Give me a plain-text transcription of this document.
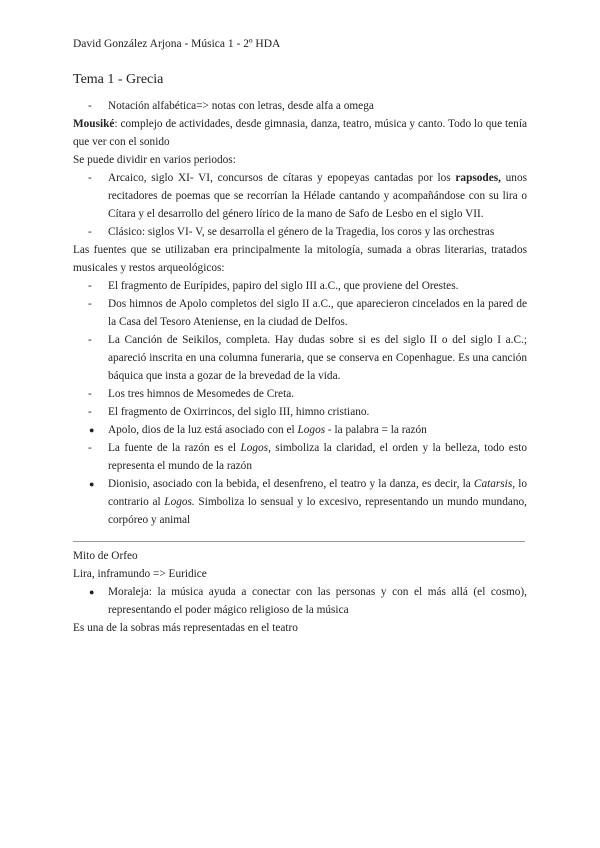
David González Arjona - Música 1 - 2º HDA
Tema 1 - Grecia
- Notación alfabética=> notas con letras, desde alfa a omega

Mousiké: complejo de actividades, desde gimnasia, danza, teatro, música y canto. Todo lo que tenía que ver con el sonido

Se puede dividir en varios periodos:

- Arcaico, siglo XI- VI, concursos de cítaras y epopeyas cantadas por los rapsodes, unos recitadores de poemas que se recorrían la Hélade cantando y acompañándose con su lira o Cítara y el desarrollo del género lírico de la mano de Safo de Lesbo en el siglo VII.
- Clásico: siglos VI- V, se desarrolla el género de la Tragedia, los coros y las orchestras

Las fuentes que se utilizaban era principalmente la mitología, sumada a obras literarias, tratados musicales y restos arqueológicos:

- El fragmento de Eurípides, papiro del siglo III a.C., que proviene del Orestes.
- Dos himnos de Apolo completos del siglo II a.C., que aparecieron cincelados en la pared de la Casa del Tesoro Ateniense, en la ciudad de Delfos.
- La Canción de Seikilos, completa. Hay dudas sobre si es del siglo II o del siglo I a.C.; apareció inscrita en una columna funeraria, que se conserva en Copenhague. Es una canción báquica que insta a gozar de la brevedad de la vida.
- Los tres himnos de Mesomedes de Creta.
- El fragmento de Oxirrincos, del siglo III, himno cristiano.
● Apolo, dios de la luz está asociado con el Logos - la palabra = la razón
- La fuente de la razón es el Logos, simboliza la claridad, el orden y la belleza, todo esto representa el mundo de la razón
● Dionisio, asociado con la bebida, el desenfreno, el teatro y la danza, es decir, la Catarsis, lo contrario al Logos. Simboliza lo sensual y lo excesivo, representando un mundo mundano, corpóreo y animal

Mito de Orfeo

Lira, inframundo => Euridice

● Moraleja: la música ayuda a conectar con las personas y con el más allá (el cosmo), representando el poder mágico religioso de la música

Es una de la sobras más representadas en el teatro
